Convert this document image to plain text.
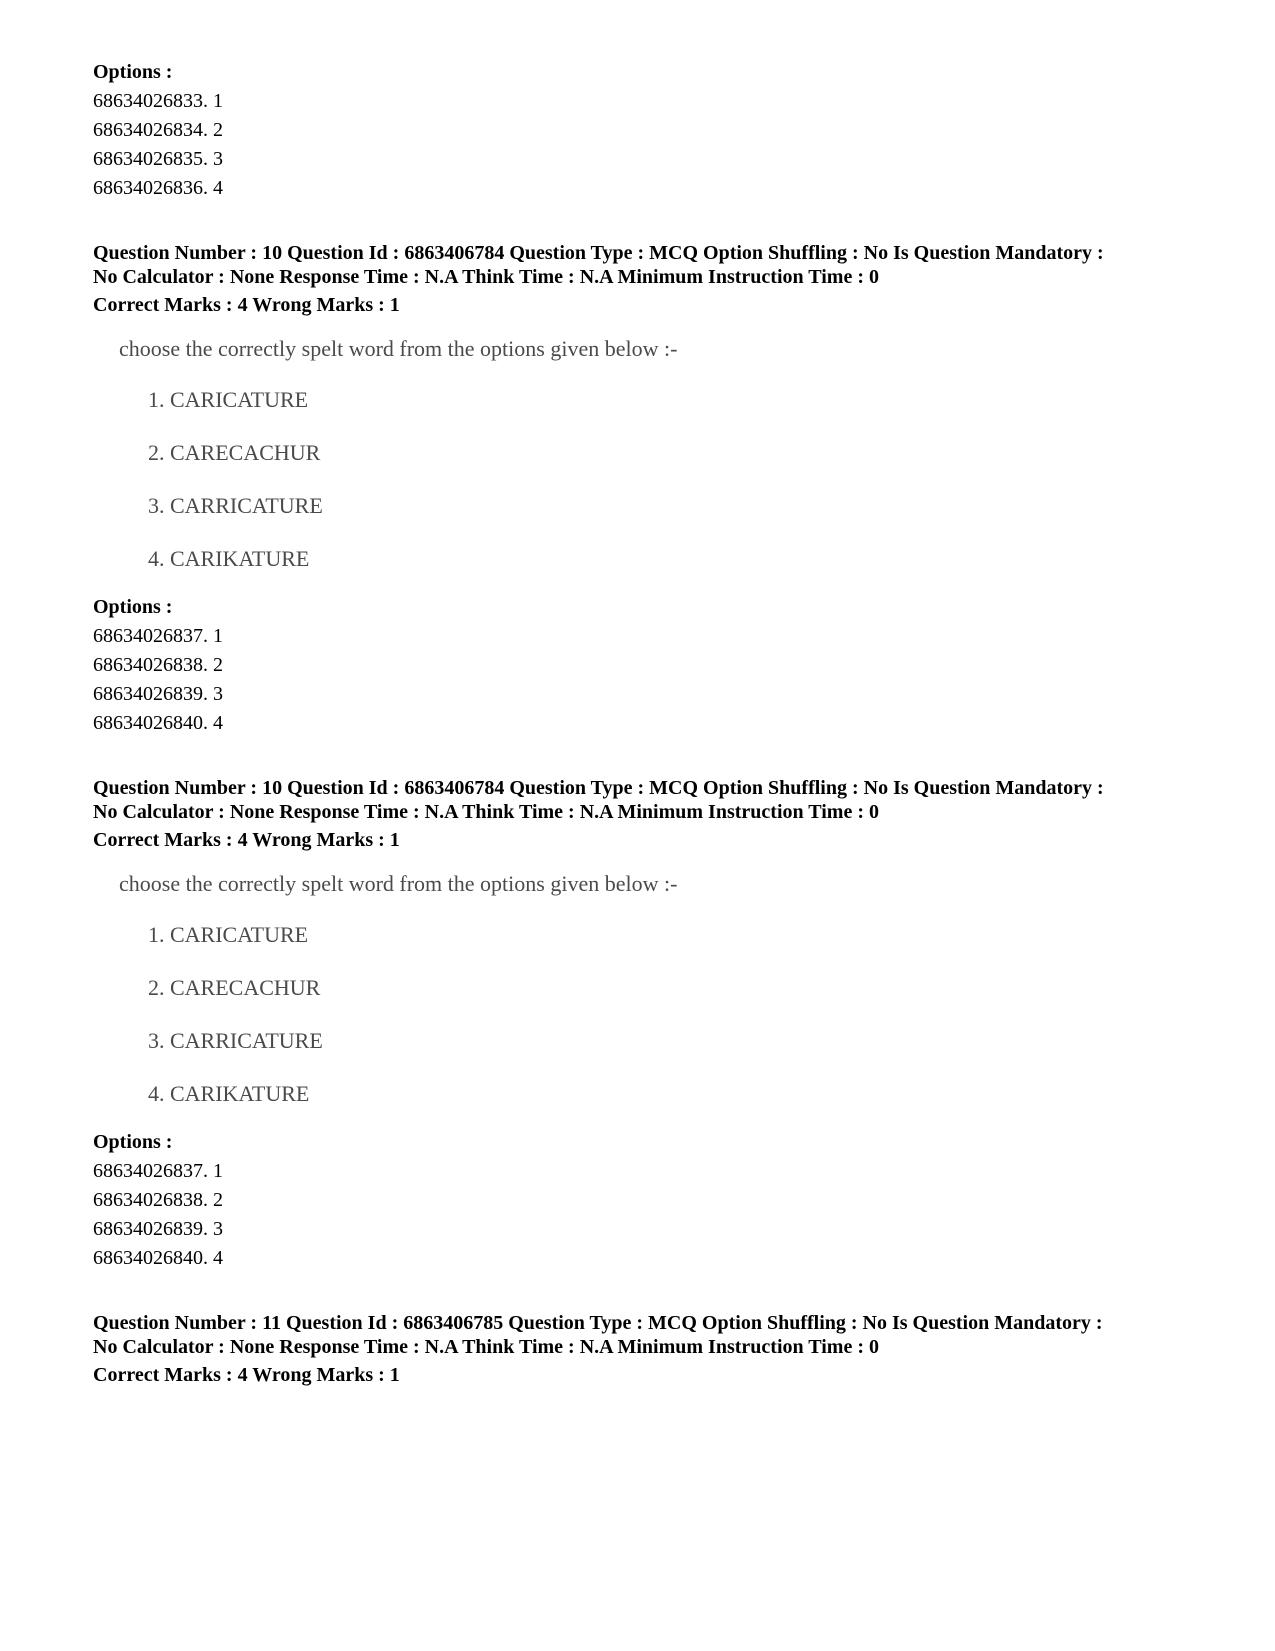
Options :
68634026833. 1
68634026834. 2
68634026835. 3
68634026836. 4
Question Number : 10 Question Id : 6863406784 Question Type : MCQ Option Shuffling : No Is Question Mandatory :
No Calculator : None Response Time : N.A Think Time : N.A Minimum Instruction Time : 0
Correct Marks : 4 Wrong Marks : 1
choose the correctly spelt word from the options given below :-
1. CARICATURE
2. CARECACHUR
3. CARRICATURE
4. CARIKATURE
Options :
68634026837. 1
68634026838. 2
68634026839. 3
68634026840. 4
Question Number : 10 Question Id : 6863406784 Question Type : MCQ Option Shuffling : No Is Question Mandatory :
No Calculator : None Response Time : N.A Think Time : N.A Minimum Instruction Time : 0
Correct Marks : 4 Wrong Marks : 1
choose the correctly spelt word from the options given below :-
1. CARICATURE
2. CARECACHUR
3. CARRICATURE
4. CARIKATURE
Options :
68634026837. 1
68634026838. 2
68634026839. 3
68634026840. 4
Question Number : 11 Question Id : 6863406785 Question Type : MCQ Option Shuffling : No Is Question Mandatory :
No Calculator : None Response Time : N.A Think Time : N.A Minimum Instruction Time : 0
Correct Marks : 4 Wrong Marks : 1
